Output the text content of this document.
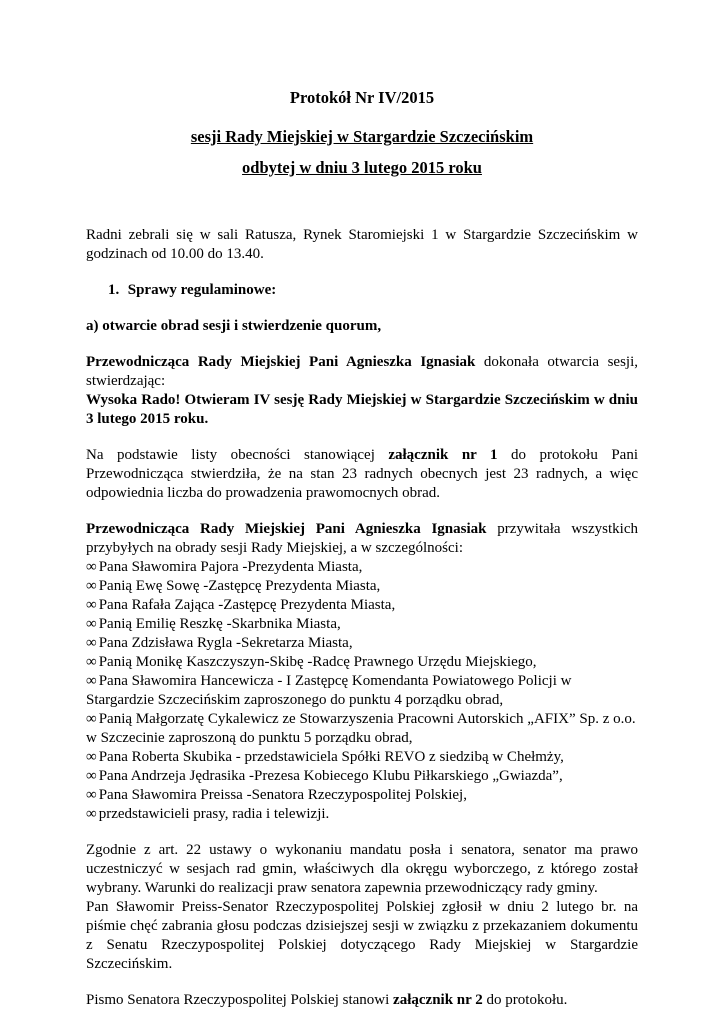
Protokół Nr IV/2015
sesji Rady Miejskiej w Stargardzie Szczecińskim
odbytej w dniu 3 lutego 2015 roku

Radni zebrali się w sali Ratusza, Rynek Staromiejski 1 w Stargardzie Szczecińskim w godzinach od 10.00 do 13.40.

1. Sprawy regulaminowe:
a) otwarcie obrad sesji i stwierdzenie quorum,

Przewodnicząca Rady Miejskiej Pani Agnieszka Ignasiak dokonała otwarcia sesji, stwierdzając:

Wysoka Rado! Otwieram IV sesję Rady Miejskiej w Stargardzie Szczecińskim w dniu 3 lutego 2015 roku.

Na podstawie listy obecności stanowiącej załącznik nr 1 do protokołu Pani Przewodnicząca stwierdziła, że na stan 23 radnych obecnych jest 23 radnych, a więc odpowiednia liczba do prowadzenia prawomocnych obrad.

Przewodnicząca Rady Miejskiej Pani Agnieszka Ignasiak przywitała wszystkich przybyłych na obrady sesji Rady Miejskiej, a w szczególności:

∞ Pana Sławomira Pajora -Prezydenta Miasta,
∞ Panią Ewę Sowę -Zastępcę Prezydenta Miasta,
∞ Pana Rafała Zająca -Zastępcę Prezydenta Miasta,
∞ Panią Emilię Reszkę -Skarbnika Miasta,
∞ Pana Zdzisława Rygla -Sekretarza Miasta,
∞ Panią Monikę Kaszczyszyn-Skibę -Radcę Prawnego Urzędu Miejskiego,
∞ Pana Sławomira Hancewicza - I Zastępcę Komendanta Powiatowego Policji w Stargardzie Szczecińskim zaproszonego do punktu 4 porządku obrad,
∞ Panią Małgorzatę Cykalewicz ze Stowarzyszenia Pracowni Autorskich „AFIX” Sp. z o.o. w Szczecinie zaproszoną do punktu 5 porządku obrad,
∞ Pana Roberta Skubika - przedstawiciela Spółki REVO z siedzibą w Chełmży,
∞ Pana Andrzeja Jędrasika -Prezesa Kobiecego Klubu Piłkarskiego „Gwiazda”,
∞ Pana Sławomira Preissa -Senatora Rzeczypospolitej Polskiej,
∞ przedstawicieli prasy, radia i telewizji.

Zgodnie z art. 22 ustawy o wykonaniu mandatu posła i senatora, senator ma prawo uczestniczyć w sesjach rad gmin, właściwych dla okręgu wyborczego, z którego został wybrany. Warunki do realizacji praw senatora zapewnia przewodniczący rady gminy.

Pan Sławomir Preiss-Senator Rzeczypospolitej Polskiej zgłosił w dniu 2 lutego br. na piśmie chęć zabrania głosu podczas dzisiejszej sesji w związku z przekazaniem dokumentu z Senatu Rzeczypospolitej Polskiej dotyczącego Rady Miejskiej w Stargardzie Szczecińskim.

Pismo Senatora Rzeczypospolitej Polskiej stanowi załącznik nr 2 do protokołu.
